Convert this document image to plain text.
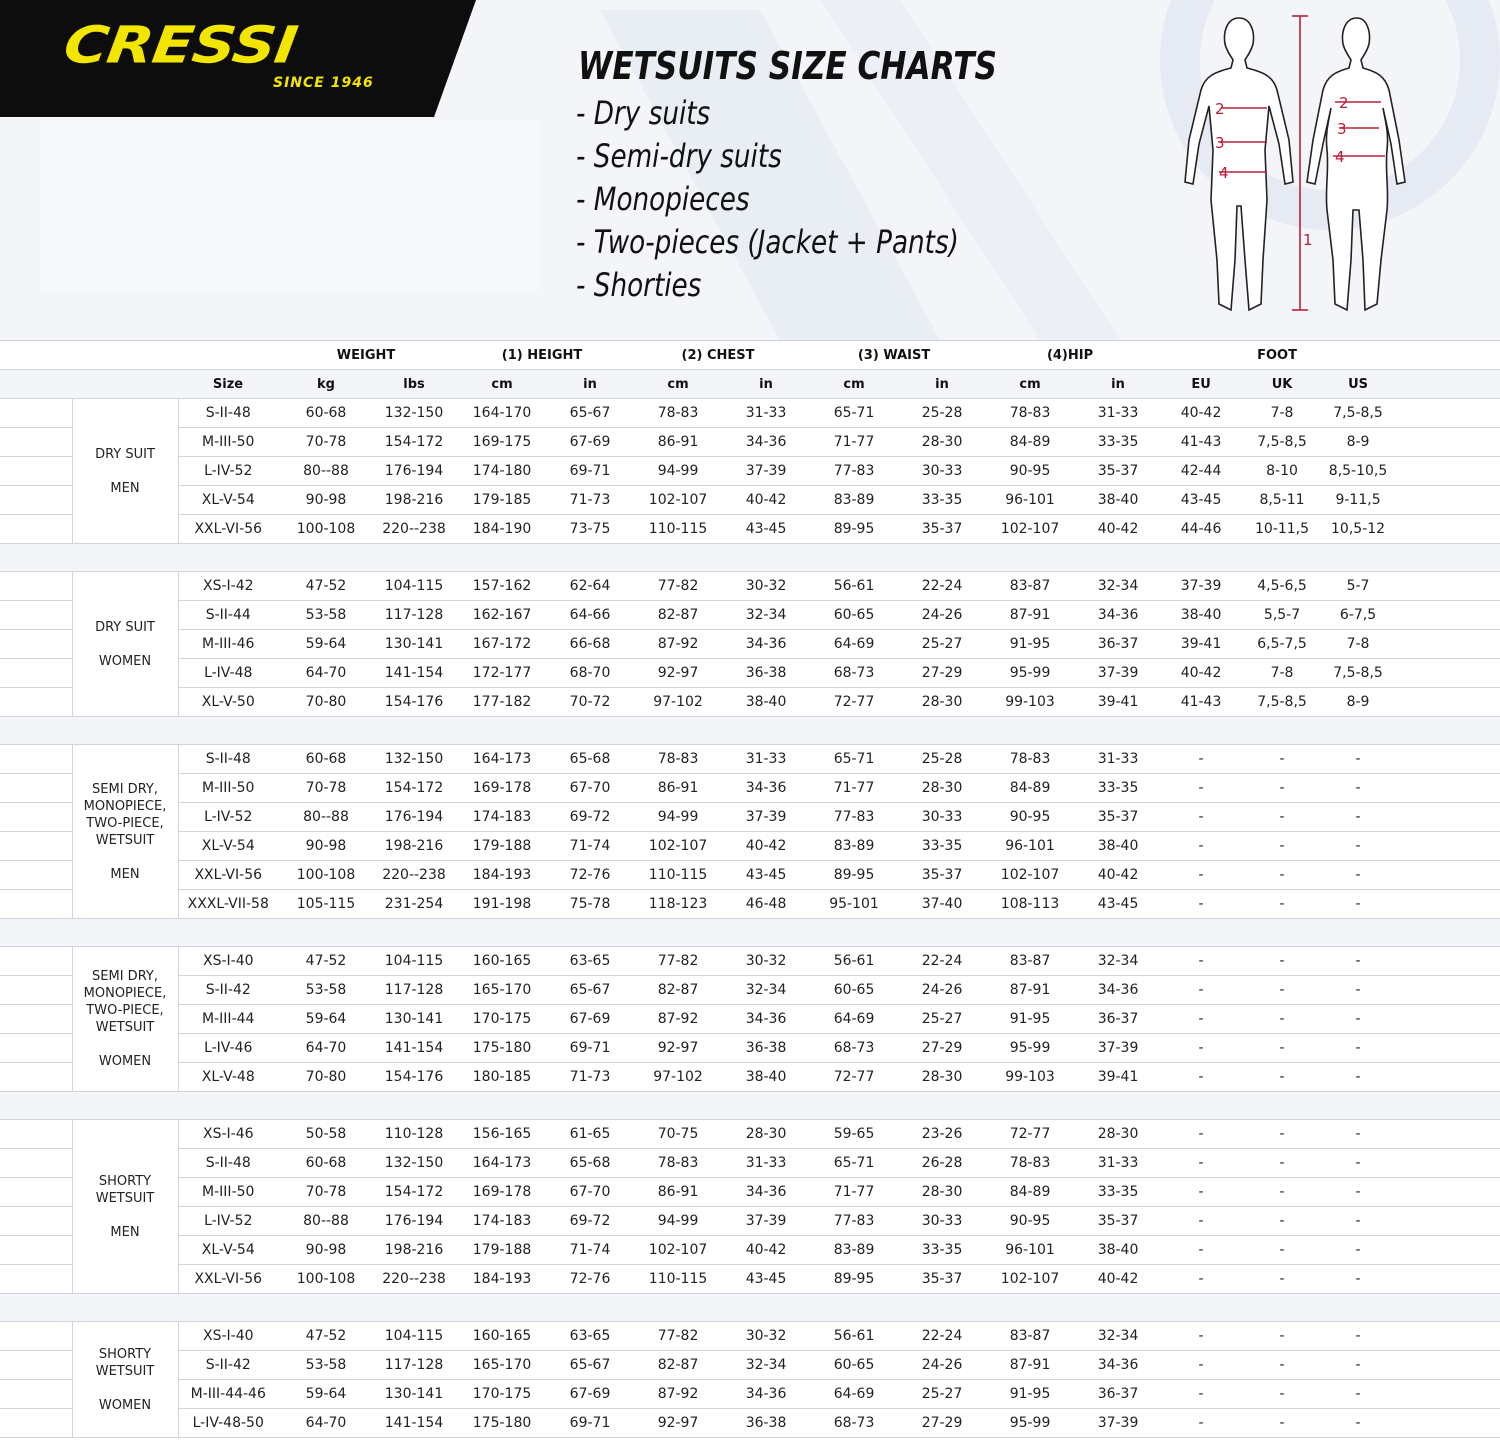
CRESSI
SINCE 1946	WETSUITS SIZE CHARTS
- Dry suits
- Semi-dry suits
- Monopieces
- Two-pieces (Jacket + Pants)
- Shorties
1
2
3
4
2
3
4
			WEIGHT		(1) HEIGHT		(2) CHEST		(3) WAIST		(4)HIP		FOOT			
		Size	kg	lbs	cm	in	cm	in	cm	in	cm	in	EU	UK	US	

	DRY SUIT
MEN	S-II-48	60-68	132-150	164-170	65-67	78-83	31-33	65-71	25-28	78-83	31-33	40-42	7-8	7,5-8,5	
		M-III-50	70-78	154-172	169-175	67-69	86-91	34-36	71-77	28-30	84-89	33-35	41-43	7,5-8,5	8-9	
		L-IV-52	80--88	176-194	174-180	69-71	94-99	37-39	77-83	30-33	90-95	35-37	42-44	8-10	8,5-10,5	
		XL-V-54	90-98	198-216	179-185	71-73	102-107	40-42	83-89	33-35	96-101	38-40	43-45	8,5-11	9-11,5	
		XXL-VI-56	100-108	220--238	184-190	73-75	110-115	43-45	89-95	35-37	102-107	40-42	44-46	10-11,5	10,5-12	

	DRY SUIT
WOMEN	XS-I-42	47-52	104-115	157-162	62-64	77-82	30-32	56-61	22-24	83-87	32-34	37-39	4,5-6,5	5-7	
		S-II-44	53-58	117-128	162-167	64-66	82-87	32-34	60-65	24-26	87-91	34-36	38-40	5,5-7	6-7,5	
		M-III-46	59-64	130-141	167-172	66-68	87-92	34-36	64-69	25-27	91-95	36-37	39-41	6,5-7,5	7-8	
		L-IV-48	64-70	141-154	172-177	68-70	92-97	36-38	68-73	27-29	95-99	37-39	40-42	7-8	7,5-8,5	
		XL-V-50	70-80	154-176	177-182	70-72	97-102	38-40	72-77	28-30	99-103	39-41	41-43	7,5-8,5	8-9	

	SEMI DRY,
MONOPIECE,
TWO-PIECE,
WETSUIT
MEN	S-II-48	60-68	132-150	164-173	65-68	78-83	31-33	65-71	25-28	78-83	31-33	-	-	-	
		M-III-50	70-78	154-172	169-178	67-70	86-91	34-36	71-77	28-30	84-89	33-35	-	-	-	
		L-IV-52	80--88	176-194	174-183	69-72	94-99	37-39	77-83	30-33	90-95	35-37	-	-	-	
		XL-V-54	90-98	198-216	179-188	71-74	102-107	40-42	83-89	33-35	96-101	38-40	-	-	-	
		XXL-VI-56	100-108	220--238	184-193	72-76	110-115	43-45	89-95	35-37	102-107	40-42	-	-	-	
		XXXL-VII-58	105-115	231-254	191-198	75-78	118-123	46-48	95-101	37-40	108-113	43-45	-	-	-	

	SEMI DRY,
MONOPIECE,
TWO-PIECE,
WETSUIT
WOMEN	XS-I-40	47-52	104-115	160-165	63-65	77-82	30-32	56-61	22-24	83-87	32-34	-	-	-	
		S-II-42	53-58	117-128	165-170	65-67	82-87	32-34	60-65	24-26	87-91	34-36	-	-	-	
		M-III-44	59-64	130-141	170-175	67-69	87-92	34-36	64-69	25-27	91-95	36-37	-	-	-	
		L-IV-46	64-70	141-154	175-180	69-71	92-97	36-38	68-73	27-29	95-99	37-39	-	-	-	
		XL-V-48	70-80	154-176	180-185	71-73	97-102	38-40	72-77	28-30	99-103	39-41	-	-	-	

	SHORTY
WETSUIT
MEN	XS-I-46	50-58	110-128	156-165	61-65	70-75	28-30	59-65	23-26	72-77	28-30	-	-	-	
		S-II-48	60-68	132-150	164-173	65-68	78-83	31-33	65-71	26-28	78-83	31-33	-	-	-	
		M-III-50	70-78	154-172	169-178	67-70	86-91	34-36	71-77	28-30	84-89	33-35	-	-	-	
		L-IV-52	80--88	176-194	174-183	69-72	94-99	37-39	77-83	30-33	90-95	35-37	-	-	-	
		XL-V-54	90-98	198-216	179-188	71-74	102-107	40-42	83-89	33-35	96-101	38-40	-	-	-	
		XXL-VI-56	100-108	220--238	184-193	72-76	110-115	43-45	89-95	35-37	102-107	40-42	-	-	-	

	SHORTY
WETSUIT
WOMEN	XS-I-40	47-52	104-115	160-165	63-65	77-82	30-32	56-61	22-24	83-87	32-34	-	-	-	
		S-II-42	53-58	117-128	165-170	65-67	82-87	32-34	60-65	24-26	87-91	34-36	-	-	-	
		M-III-44-46	59-64	130-141	170-175	67-69	87-92	34-36	64-69	25-27	91-95	36-37	-	-	-	
		L-IV-48-50	64-70	141-154	175-180	69-71	92-97	36-38	68-73	27-29	95-99	37-39	-	-	-	
